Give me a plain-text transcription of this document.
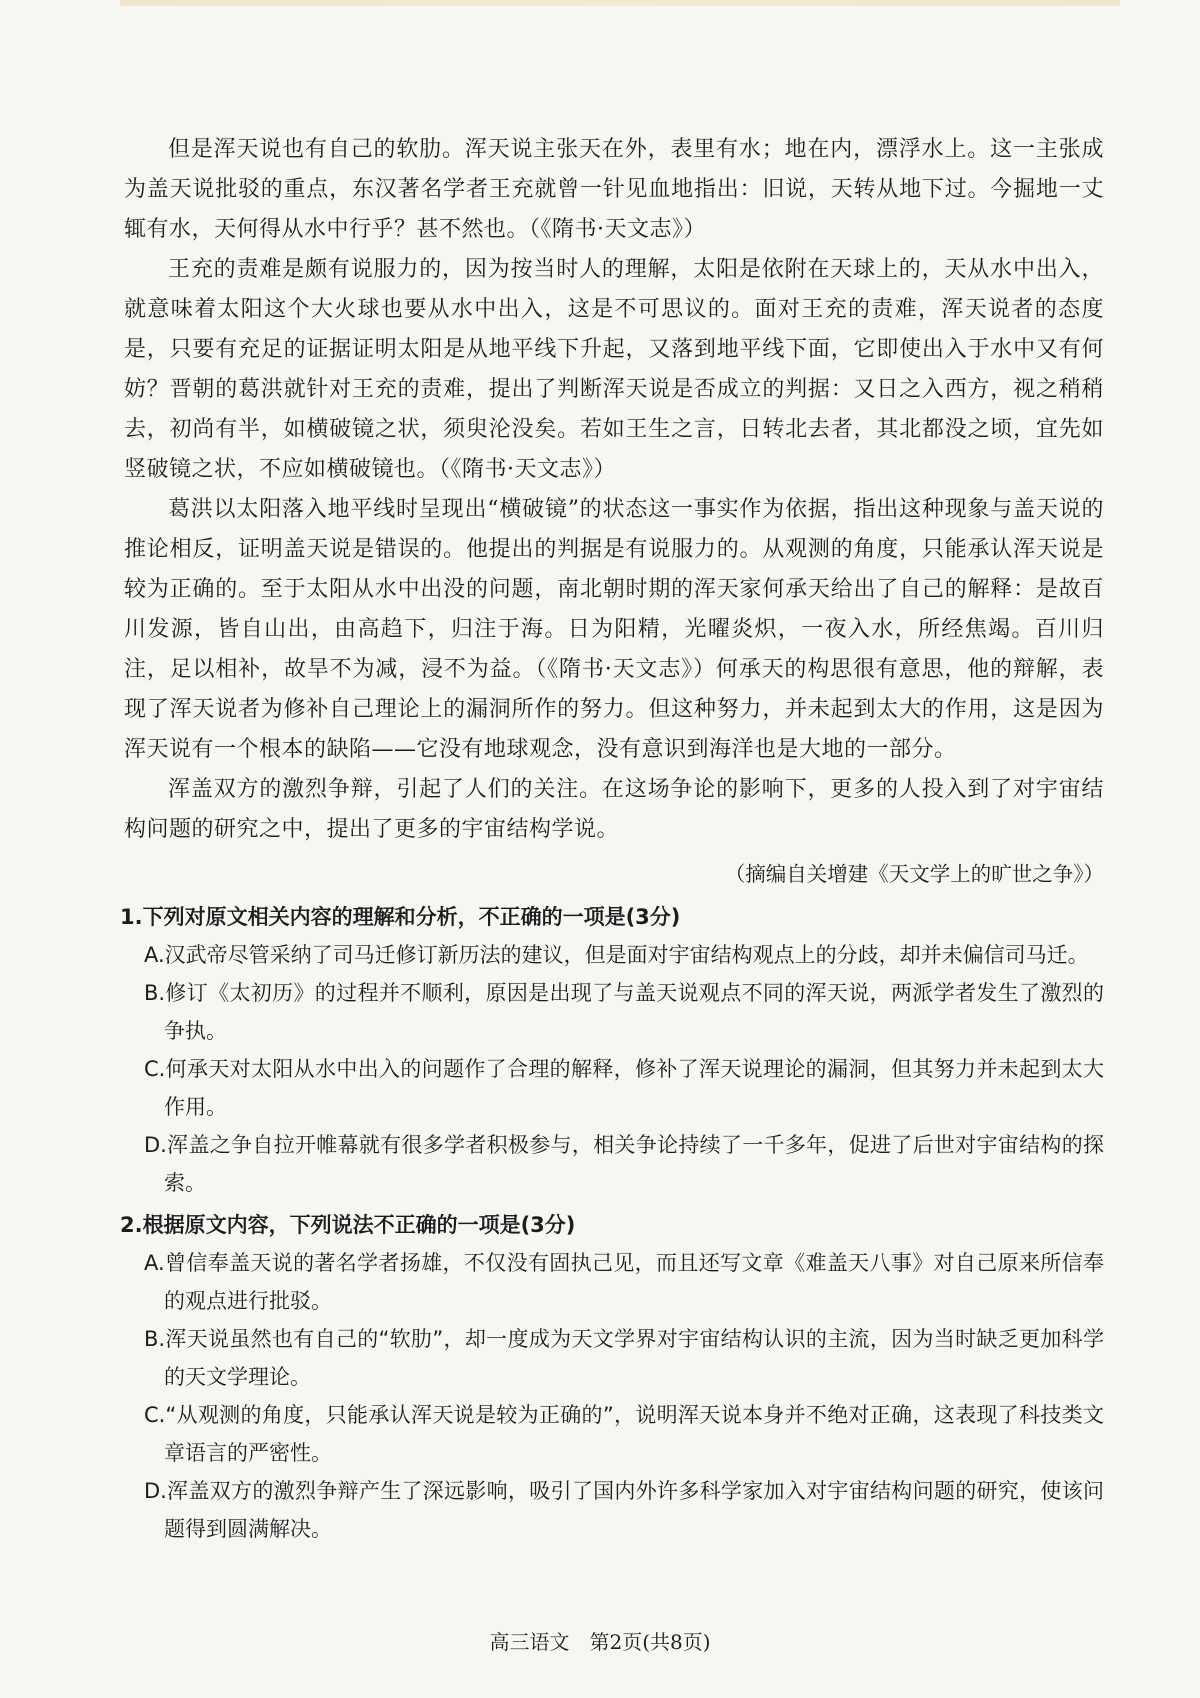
但是浑天说也有自己的软肋。浑天说主张天在外，表里有水；地在内，漂浮水上。这一主张成为盖天说批驳的重点，东汉著名学者王充就曾一针见血地指出：旧说，天转从地下过。今掘地一丈辄有水，天何得从水中行乎？甚不然也。（《隋书·天文志》）

王充的责难是颇有说服力的，因为按当时人的理解，太阳是依附在天球上的，天从水中出入，就意味着太阳这个大火球也要从水中出入，这是不可思议的。面对王充的责难，浑天说者的态度是，只要有充足的证据证明太阳是从地平线下升起，又落到地平线下面，它即使出入于水中又有何妨？晋朝的葛洪就针对王充的责难，提出了判断浑天说是否成立的判据：又日之入西方，视之稍稍去，初尚有半，如横破镜之状，须臾沦没矣。若如王生之言，日转北去者，其北都没之顷，宜先如竖破镜之状，不应如横破镜也。（《隋书·天文志》）

葛洪以太阳落入地平线时呈现出“横破镜”的状态这一事实作为依据，指出这种现象与盖天说的推论相反，证明盖天说是错误的。他提出的判据是有说服力的。从观测的角度，只能承认浑天说是较为正确的。至于太阳从水中出没的问题，南北朝时期的浑天家何承天给出了自己的解释：是故百川发源，皆自山出，由高趋下，归注于海。日为阳精，光曜炎炽，一夜入水，所经焦竭。百川归注，足以相补，故旱不为减，浸不为益。（《隋书·天文志》）何承天的构思很有意思，他的辩解，表现了浑天说者为修补自己理论上的漏洞所作的努力。但这种努力，并未起到太大的作用，这是因为浑天说有一个根本的缺陷——它没有地球观念，没有意识到海洋也是大地的一部分。

浑盖双方的激烈争辩，引起了人们的关注。在这场争论的影响下，更多的人投入到了对宇宙结构问题的研究之中，提出了更多的宇宙结构学说。

（摘编自关增建《天文学上的旷世之争》）

1.下列对原文相关内容的理解和分析，不正确的一项是(3分)

A.汉武帝尽管采纳了司马迁修订新历法的建议，但是面对宇宙结构观点上的分歧，却并未偏信司马迁。

B.修订《太初历》的过程并不顺利，原因是出现了与盖天说观点不同的浑天说，两派学者发生了激烈的争执。

C.何承天对太阳从水中出入的问题作了合理的解释，修补了浑天说理论的漏洞，但其努力并未起到太大作用。

D.浑盖之争自拉开帷幕就有很多学者积极参与，相关争论持续了一千多年，促进了后世对宇宙结构的探索。

2.根据原文内容，下列说法不正确的一项是(3分)

A.曾信奉盖天说的著名学者扬雄，不仅没有固执己见，而且还写文章《难盖天八事》对自己原来所信奉的观点进行批驳。

B.浑天说虽然也有自己的“软肋”，却一度成为天文学界对宇宙结构认识的主流，因为当时缺乏更加科学的天文学理论。

C.“从观测的角度，只能承认浑天说是较为正确的”，说明浑天说本身并不绝对正确，这表现了科技类文章语言的严密性。

D.浑盖双方的激烈争辩产生了深远影响，吸引了国内外许多科学家加入对宇宙结构问题的研究，使该问题得到圆满解决。

高三语文　第2页(共8页)
